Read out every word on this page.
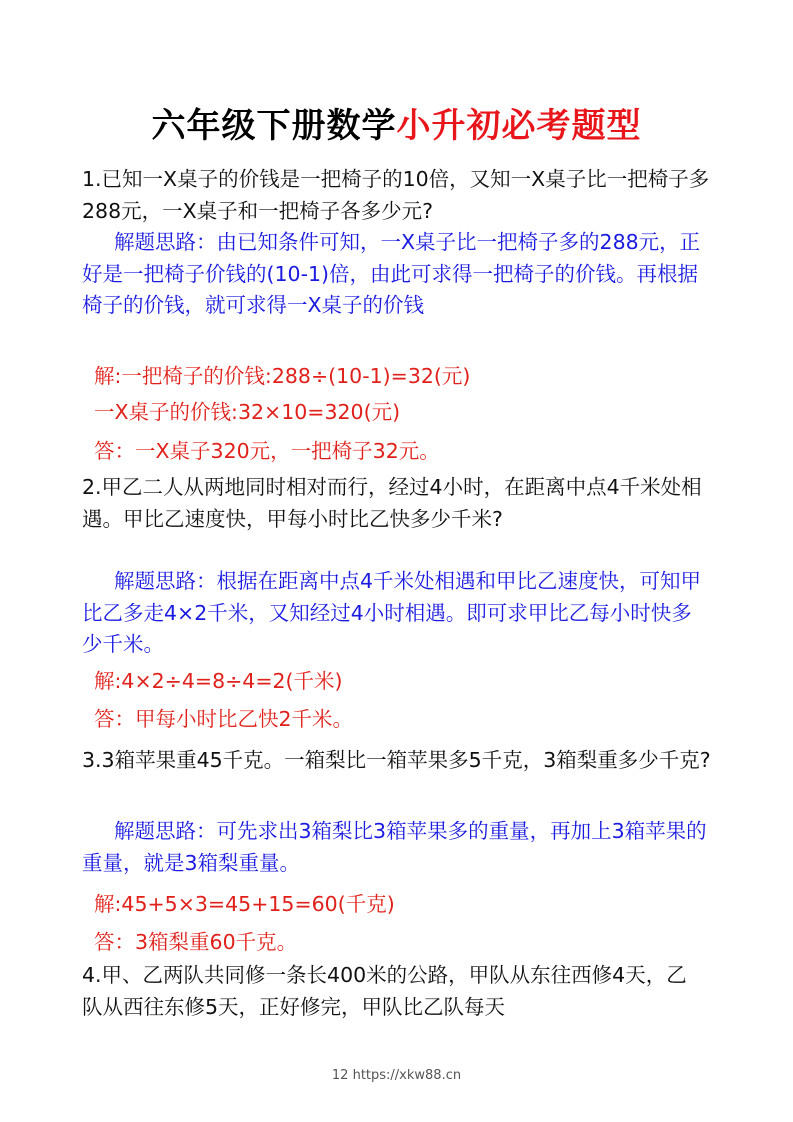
六年级下册数学小升初必考题型

1.已知一X桌子的价钱是一把椅子的10倍，又知一X桌子比一把椅子多288元，一X桌子和一把椅子各多少元?

解题思路：由已知条件可知，一X桌子比一把椅子多的288元，正好是一把椅子价钱的(10-1)倍，由此可求得一把椅子的价钱。再根据椅子的价钱，就可求得一X桌子的价钱

解:一把椅子的价钱:288÷(10-1)=32(元)

一X桌子的价钱:32×10=320(元)

答：一X桌子320元，一把椅子32元。

2.甲乙二人从两地同时相对而行，经过4小时，在距离中点4千米处相遇。甲比乙速度快，甲每小时比乙快多少千米?

解题思路：根据在距离中点4千米处相遇和甲比乙速度快，可知甲比乙多走4×2千米，又知经过4小时相遇。即可求甲比乙每小时快多少千米。

解:4×2÷4=8÷4=2(千米)

答：甲每小时比乙快2千米。

3.3箱苹果重45千克。一箱梨比一箱苹果多5千克，3箱梨重多少千克?

解题思路：可先求出3箱梨比3箱苹果多的重量，再加上3箱苹果的重量，就是3箱梨重量。

解:45+5×3=45+15=60(千克)

答：3箱梨重60千克。

4.甲、乙两队共同修一条长400米的公路，甲队从东往西修4天，乙队从西往东修5天，正好修完，甲队比乙队每天

12 https://xkw88.cn
